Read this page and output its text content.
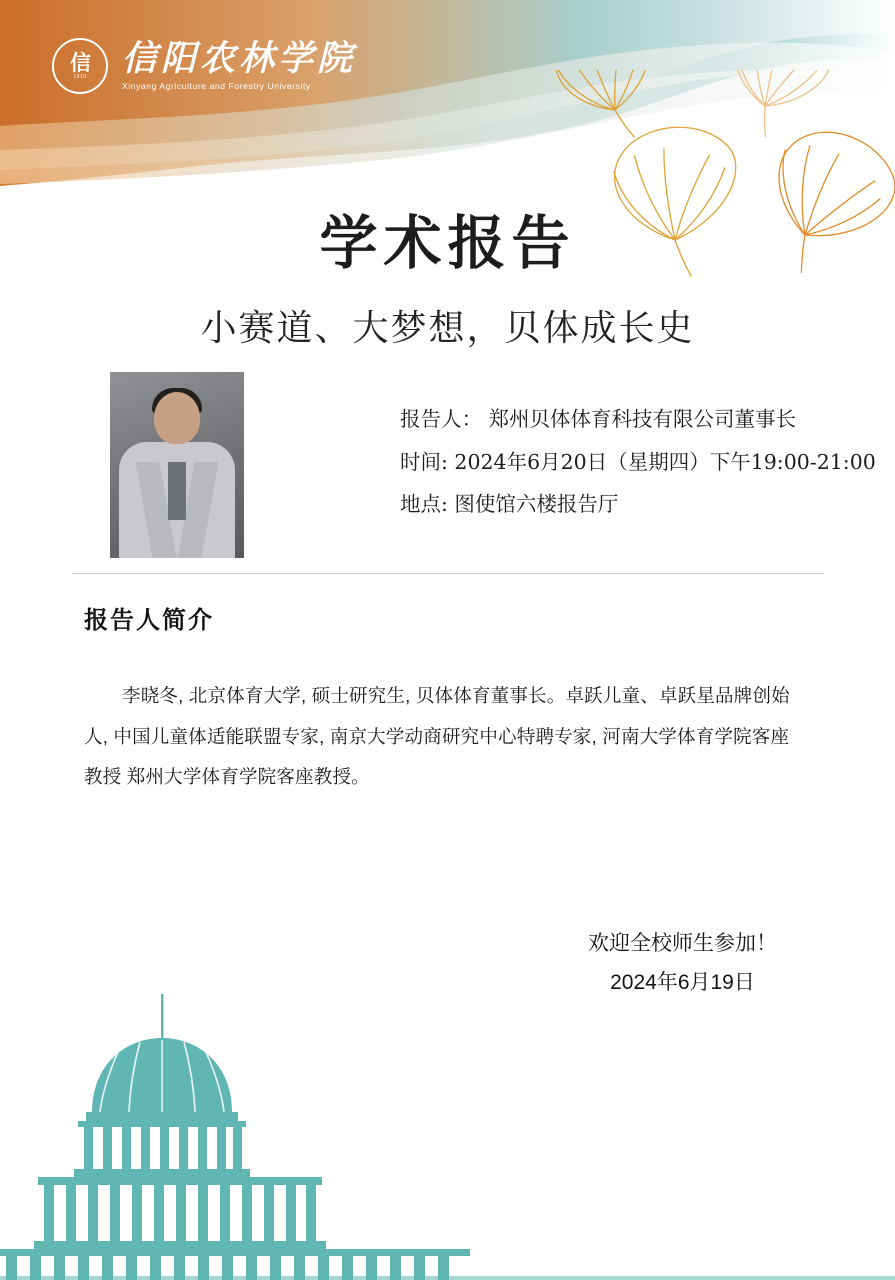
信
1910 信阳农林学院
Xinyang Agriculture and Forestry University
学术报告
小赛道、大梦想，贝体成长史
报告人： 郑州贝体体育科技有限公司董事长
时间: 2024年6月20日（星期四）下午19:00-21:00
地点: 图使馆六楼报告厅
报告人简介
李晓冬, 北京体育大学, 硕士研究生, 贝体体育董事长。卓跃儿童、卓跃星品牌创始人, 中国儿童体适能联盟专家, 南京大学动商研究中心特聘专家, 河南大学体育学院客座教授 郑州大学体育学院客座教授。
欢迎全校师生参加！
2024年6月19日
